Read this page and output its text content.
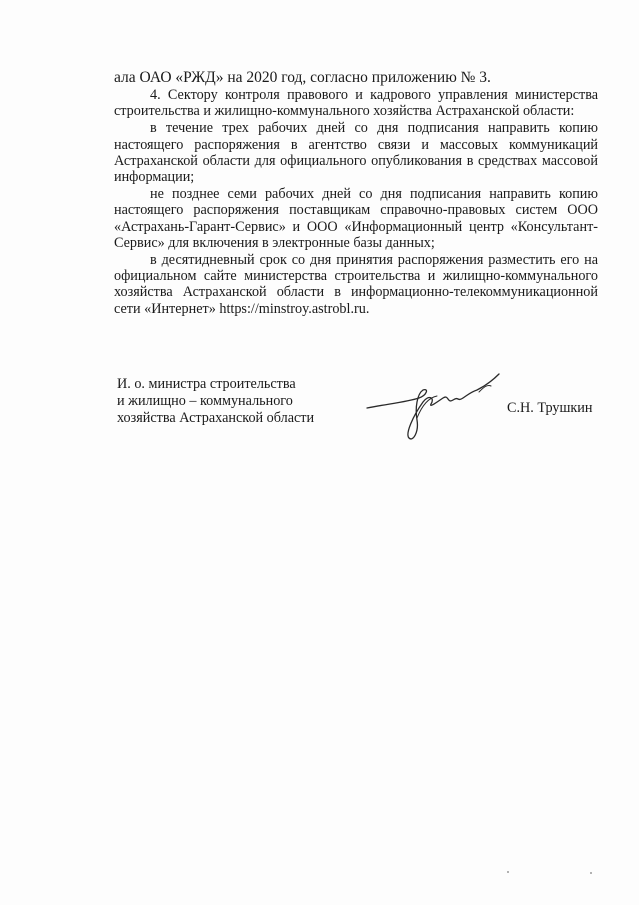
ала ОАО «РЖД» на 2020 год, согласно приложению № 3.

4. Сектору контроля правового и кадрового управления министерства строительства и жилищно-коммунального хозяйства Астраханской области:

в течение трех рабочих дней со дня подписания направить копию настоящего распоряжения в агентство связи и массовых коммуникаций Астраханской области для официального опубликования в средствах массовой информации;

не позднее семи рабочих дней со дня подписания направить копию настоящего распоряжения поставщикам справочно-правовых систем ООО «Астрахань-Гарант-Сервис» и ООО «Информационный центр «Консультант- Сервис» для включения в электронные базы данных;

в десятидневный срок со дня принятия распоряжения разместить его на официальном сайте министерства строительства и жилищно-коммунального хозяйства Астраханской области в информационно-телекоммуникационной сети «Интернет» https://minstroy.astrobl.ru.

И. о. министра строительства
и жилищно – коммунального
хозяйства Астраханской области
С.Н. Трушкин
